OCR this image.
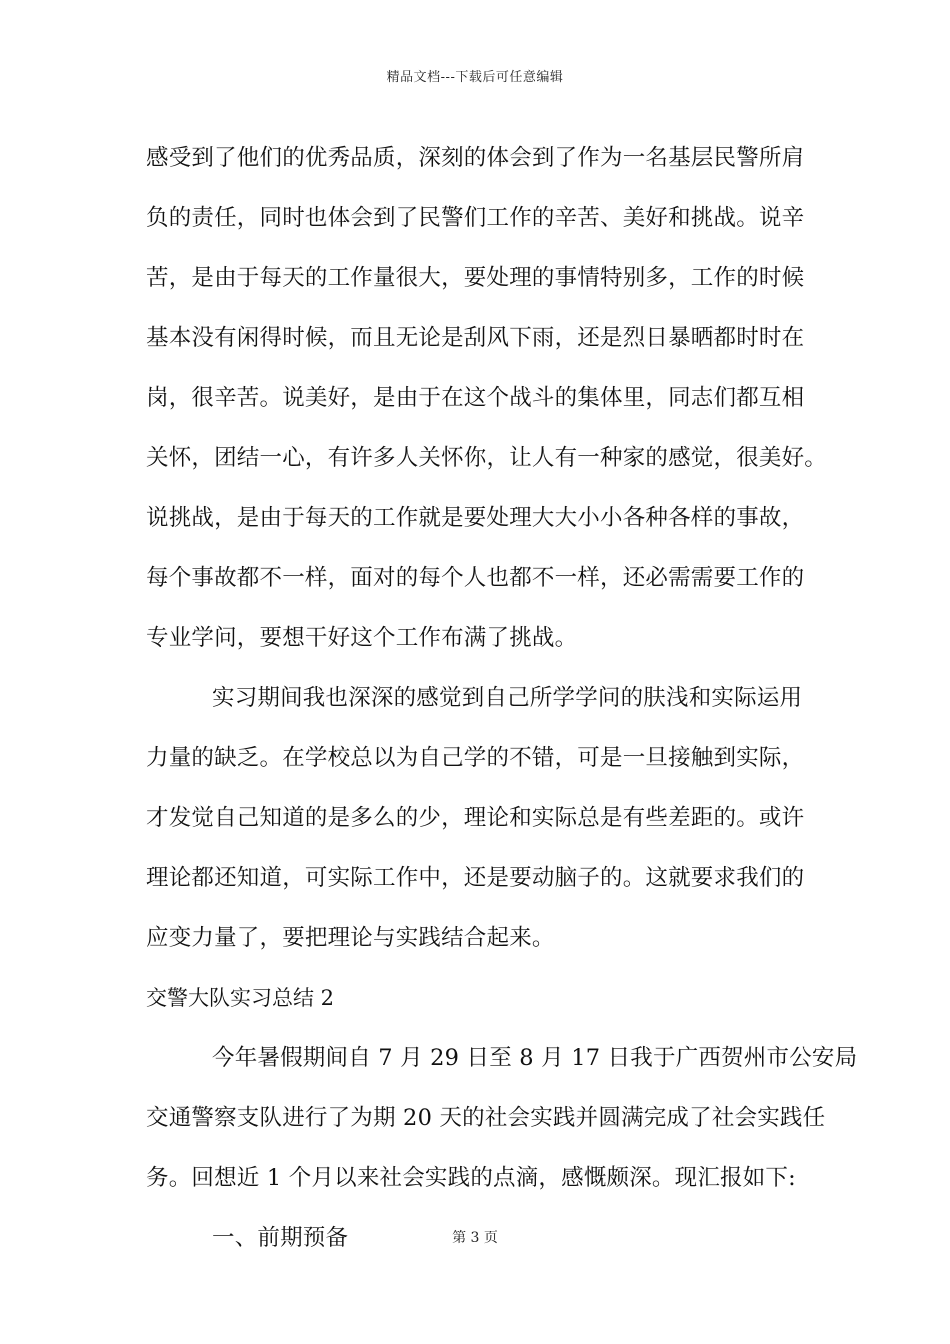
精品文档---下载后可任意编辑
感受到了他们的优秀品质，深刻的体会到了作为一名基层民警所肩
负的责任，同时也体会到了民警们工作的辛苦、美好和挑战。说辛
苦，是由于每天的工作量很大，要处理的事情特别多，工作的时候
基本没有闲得时候，而且无论是刮风下雨，还是烈日暴晒都时时在
岗，很辛苦。说美好，是由于在这个战斗的集体里，同志们都互相
关怀，团结一心，有许多人关怀你，让人有一种家的感觉，很美好。
说挑战，是由于每天的工作就是要处理大大小小各种各样的事故，
每个事故都不一样，面对的每个人也都不一样，还必需需要工作的
专业学问，要想干好这个工作布满了挑战。
实习期间我也深深的感觉到自己所学学问的肤浅和实际运用
力量的缺乏。在学校总以为自己学的不错，可是一旦接触到实际，
才发觉自己知道的是多么的少，理论和实际总是有些差距的。或许
理论都还知道，可实际工作中，还是要动脑子的。这就要求我们的
应变力量了，要把理论与实践结合起来。
交警大队实习总结 2
今年暑假期间自 7 月 29 日至 8 月 17 日我于广西贺州市公安局
交通警察支队进行了为期 20 天的社会实践并圆满完成了社会实践任
务。回想近 1 个月以来社会实践的点滴，感慨颇深。现汇报如下:
一、前期预备	第 3 页
